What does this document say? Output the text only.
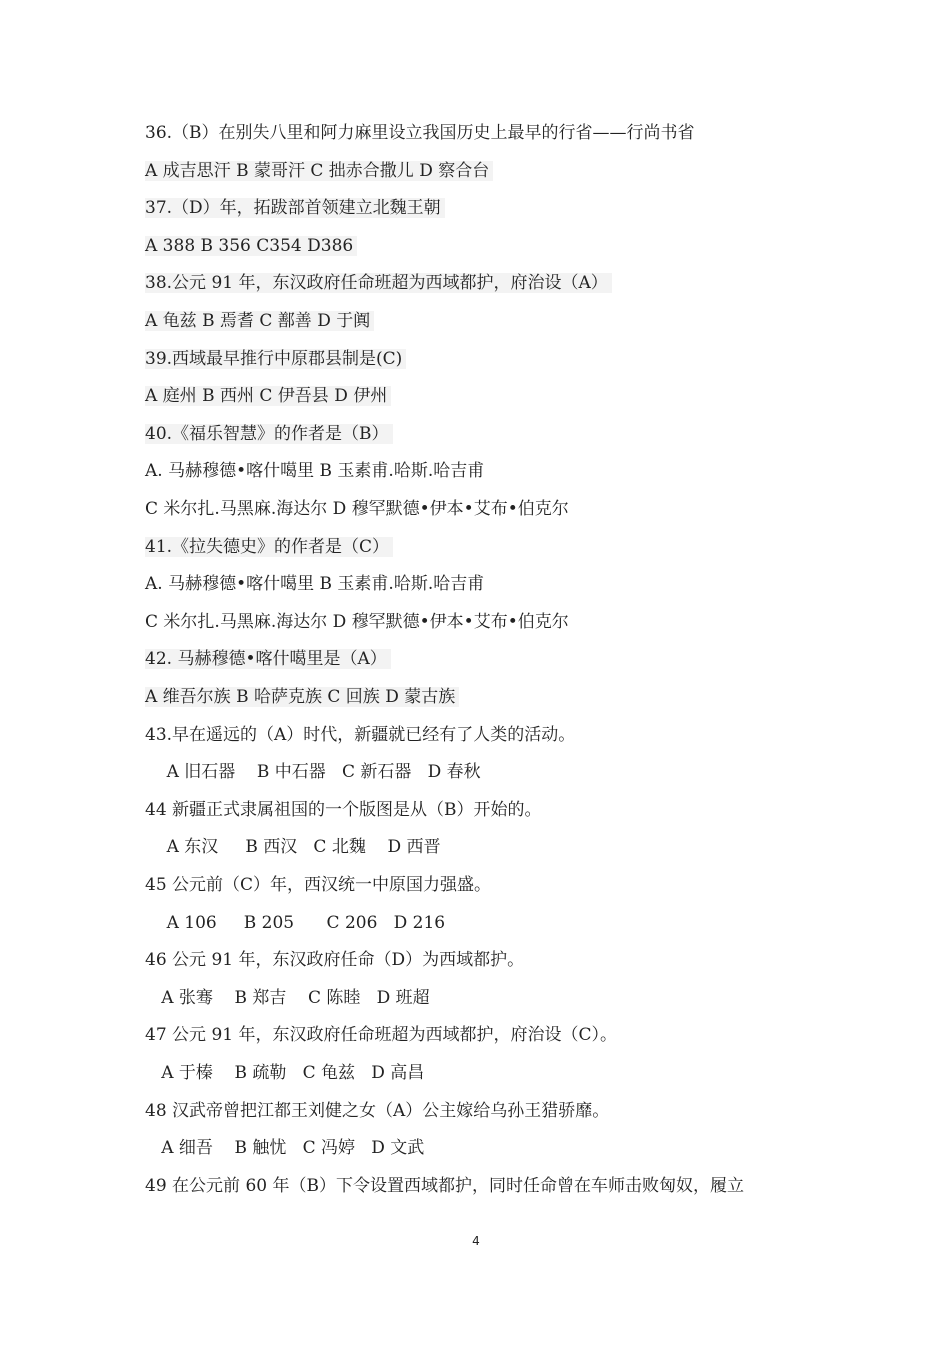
36.（B）在别失八里和阿力麻里设立我国历史上最早的行省——行尚书省
A 成吉思汗 B 蒙哥汗 C 拙赤合撒儿 D 察合台
37.（D）年，拓跋部首领建立北魏王朝
A 388 B 356 C354 D386
38.公元 91 年，东汉政府任命班超为西域都护，府治设（A）
A 龟兹 B 焉耆 C 鄯善 D 于阗
39.西域最早推行中原郡县制是(C)
A 庭州 B 西州 C 伊吾县 D 伊州
40.《福乐智慧》的作者是（B）
A. 马赫穆德•喀什噶里 B 玉素甫.哈斯.哈吉甫
C 米尔扎.马黑麻.海达尔 D 穆罕默德•伊本•艾布•伯克尔
41.《拉失德史》的作者是（C）
A. 马赫穆德•喀什噶里 B 玉素甫.哈斯.哈吉甫
C 米尔扎.马黑麻.海达尔 D 穆罕默德•伊本•艾布•伯克尔
42. 马赫穆德•喀什噶里是（A）
A 维吾尔族 B 哈萨克族 C 回族 D 蒙古族
43.早在遥远的（A）时代，新疆就已经有了人类的活动。
A 旧石器    B 中石器   C 新石器   D 春秋
44 新疆正式隶属祖国的一个版图是从（B）开始的。
A 东汉     B 西汉   C 北魏    D 西晋
45 公元前（C）年，西汉统一中原国力强盛。
A 106     B 205      C 206   D 216
46 公元 91 年，东汉政府任命（D）为西域都护。
A 张骞    B 郑吉    C 陈睦   D 班超
47 公元 91 年，东汉政府任命班超为西域都护，府治设（C）。
A 于榛    B 疏勒   C 龟兹   D 高昌
48 汉武帝曾把江都王刘健之女（A）公主嫁给乌孙王猎骄靡。
A 细吾    B 触忧   C 冯婷   D 文武
49 在公元前 60 年（B）下令设置西域都护，同时任命曾在车师击败匈奴，履立
4
